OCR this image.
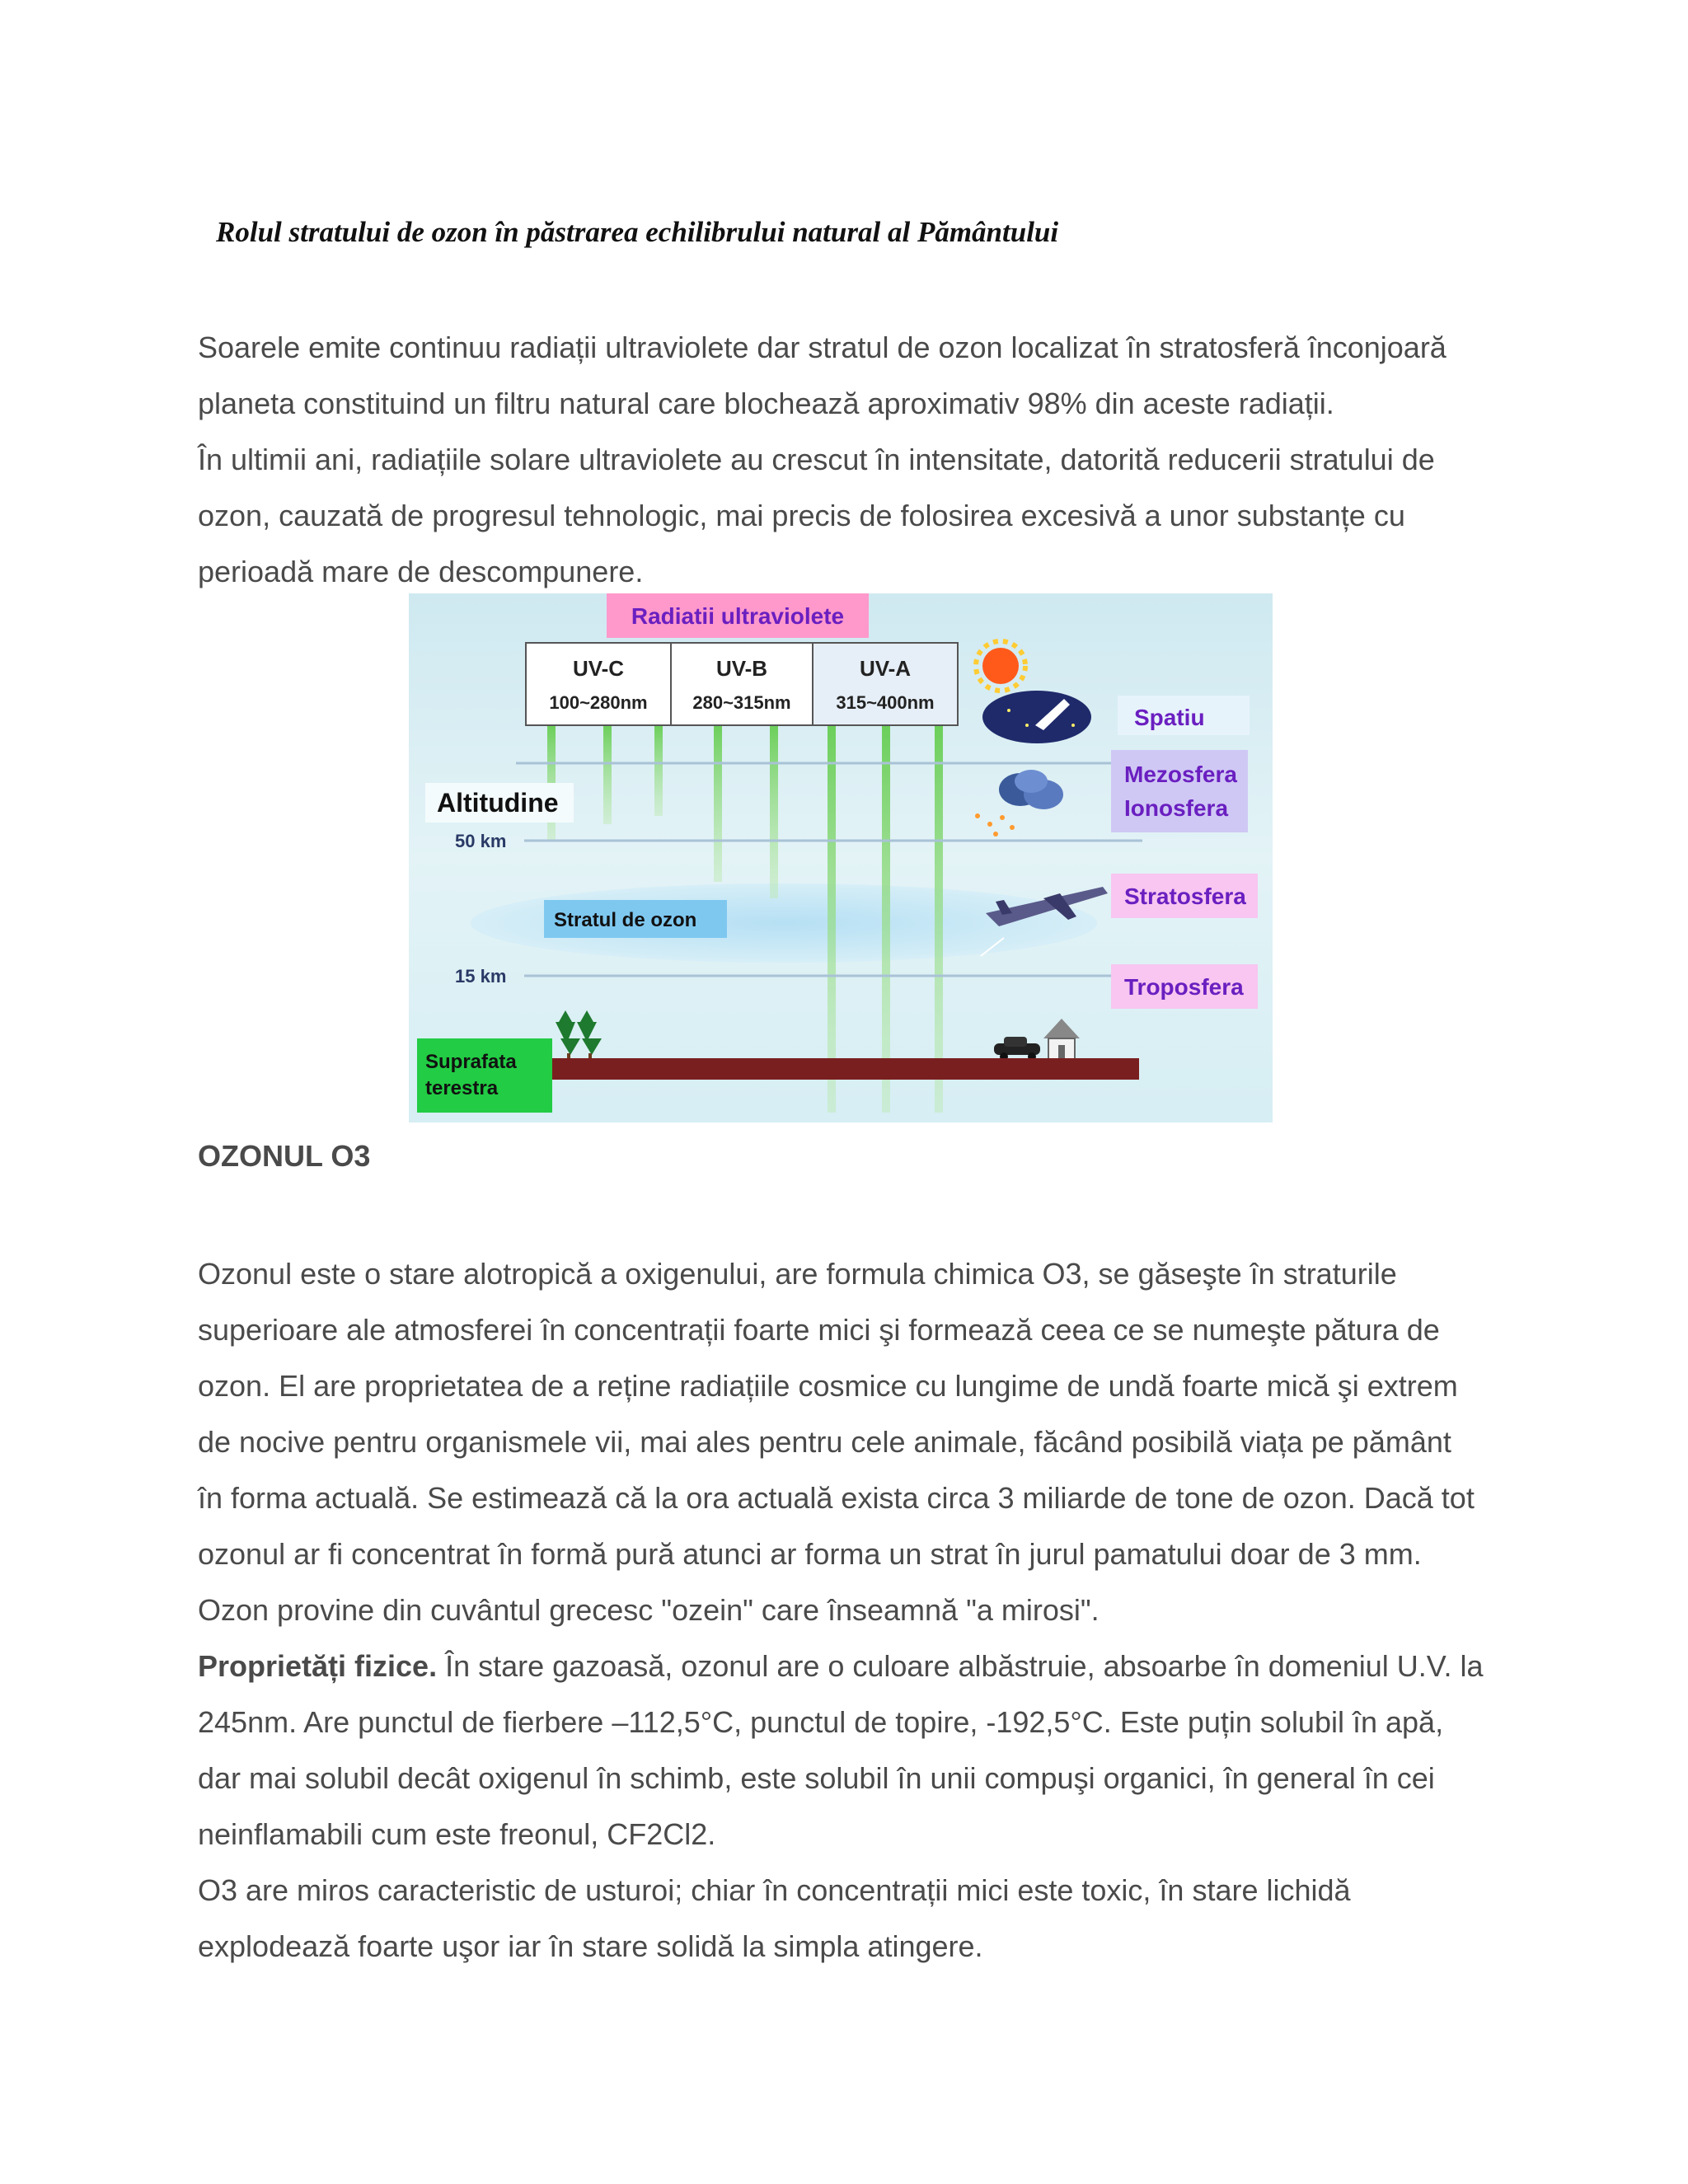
Rolul stratului de ozon în păstrarea echilibrului natural al Pământului

Soarele emite continuu radiații ultraviolete dar stratul de ozon localizat în stratosferă înconjoară planeta constituind un filtru natural care blochează aproximativ 98% din aceste radiații.

În ultimii ani, radiațiile solare ultraviolete au crescut în intensitate, datorită reducerii stratului de ozon, cauzată de progresul tehnologic, mai precis de folosirea excesivă a unor substanțe cu perioadă mare de descompunere.

Radiatii ultraviolete
UV-C
100~280nm
UV-B
280~315nm
UV-A
315~400nm
Spatiu
Mezosfera
Ionosfera
Altitudine
50 km
15 km
Stratul de ozon
Stratosfera
Troposfera
Suprafata
terestra
OZONUL O3

Ozonul este o stare alotropică a oxigenului, are formula chimica O3, se găseşte în straturile superioare ale atmosferei în concentrații foarte mici şi formează ceea ce se numeşte pătura de ozon. El are proprietatea de a reține radiațiile cosmice cu lungime de undă foarte mică şi extrem de nocive pentru organismele vii, mai ales pentru cele animale, făcând posibilă viața pe pământ în forma actuală. Se estimează că la ora actuală exista circa 3 miliarde de tone de ozon. Dacă tot ozonul ar fi concentrat în formă pură atunci ar forma un strat în jurul pamatului doar de 3 mm.

Ozon provine din cuvântul grecesc "ozein" care înseamnă "a mirosi".

Proprietăți fizice. În stare gazoasă, ozonul are o culoare albăstruie, absoarbe în domeniul U.V. la 245nm. Are punctul de fierbere –112,5°C, punctul de topire, -192,5°C. Este puțin solubil în apă, dar mai solubil decât oxigenul în schimb, este solubil în unii compuşi organici, în general în cei neinflamabili cum este freonul, CF2Cl2.

O3 are miros caracteristic de usturoi; chiar în concentrații mici este toxic, în stare lichidă explodează foarte uşor iar în stare solidă la simpla atingere.
